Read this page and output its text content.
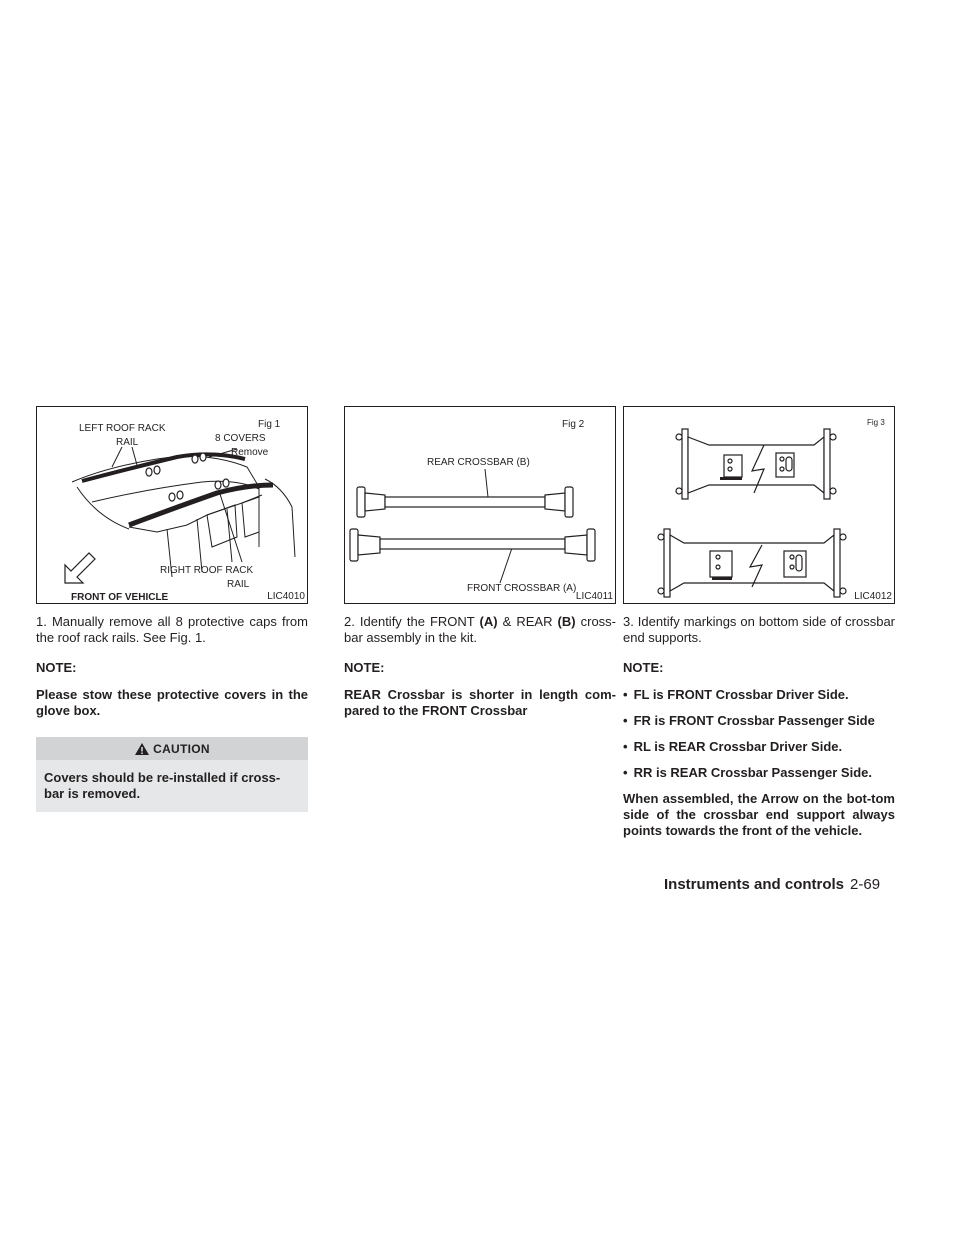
LEFT ROOF RACK
RAIL
Fig 1
8 COVERS
Remove
RIGHT ROOF RACK
RAIL
FRONT OF VEHICLE	LIC4010

1. Manually remove all 8 protective caps from the roof rack rails. See Fig. 1.

NOTE:

Please stow these protective covers in the glove box.

CAUTION
Covers should be re-installed if cross-bar is removed.
Fig 2
REAR CROSSBAR (B)
FRONT CROSSBAR (A)
LIC4011

2. Identify the FRONT (A) & REAR (B) cross-bar assembly in the kit.

NOTE:

REAR Crossbar is shorter in length com-pared to the FRONT Crossbar

Fig 3
LIC4012

3. Identify markings on bottom side of crossbar end supports.

NOTE:

• FL is FRONT Crossbar Driver Side.
• FR is FRONT Crossbar Passenger Side
• RL is REAR Crossbar Driver Side.
• RR is REAR Crossbar Passenger Side.

When assembled, the Arrow on the bot-tom side of the crossbar end support always points towards the front of the vehicle.

Instruments and controls 2-69
